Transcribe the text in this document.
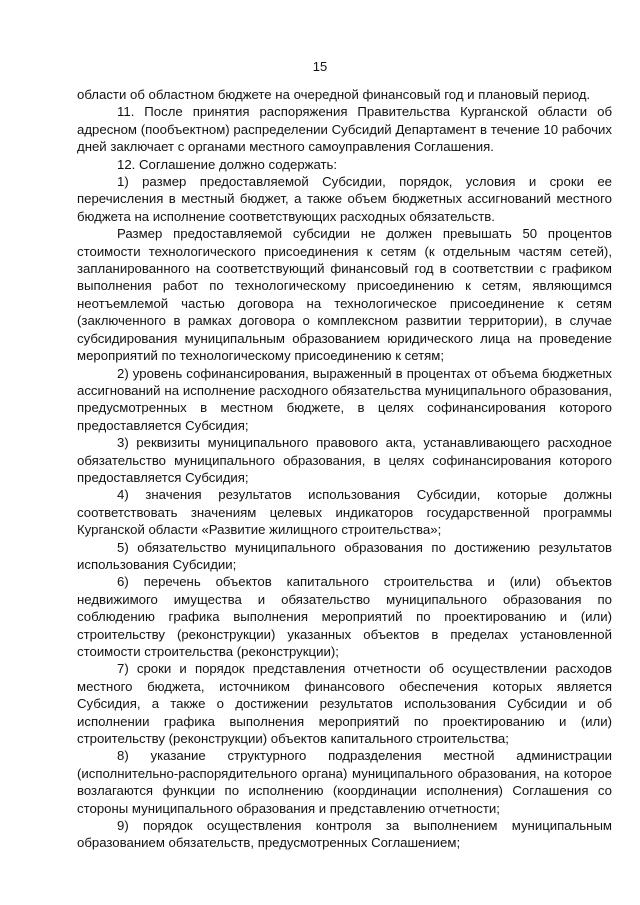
15

области об областном бюджете на очередной финансовый год и плановый период.

11. После принятия распоряжения Правительства Курганской области об адресном (пообъектном) распределении Субсидий Департамент в течение 10 рабочих дней заключает с органами местного самоуправления Соглашения.

12. Соглашение должно содержать:

1) размер предоставляемой Субсидии, порядок, условия и сроки ее перечисления в местный бюджет, а также объем бюджетных ассигнований местного бюджета на исполнение соответствующих расходных обязательств.

Размер предоставляемой субсидии не должен превышать 50 процентов стоимости технологического присоединения к сетям (к отдельным частям сетей), запланированного на соответствующий финансовый год в соответствии с графиком выполнения работ по технологическому присоединению к сетям, являющимся неотъемлемой частью договора на технологическое присоединение к сетям (заключенного в рамках договора о комплексном развитии территории), в случае субсидирования муниципальным образованием юридического лица на проведение мероприятий по технологическому присоединению к сетям;

2) уровень софинансирования, выраженный в процентах от объема бюджетных ассигнований на исполнение расходного обязательства муниципального образования, предусмотренных в местном бюджете, в целях софинансирования которого предоставляется Субсидия;

3) реквизиты муниципального правового акта, устанавливающего расходное обязательство муниципального образования, в целях софинансирования которого предоставляется Субсидия;

4) значения результатов использования Субсидии, которые должны соответствовать значениям целевых индикаторов государственной программы Курганской области «Развитие жилищного строительства»;

5) обязательство муниципального образования по достижению результатов использования Субсидии;

6) перечень объектов капитального строительства и (или) объектов недвижимого имущества и обязательство муниципального образования по соблюдению графика выполнения мероприятий по проектированию и (или) строительству (реконструкции) указанных объектов в пределах установленной стоимости строительства (реконструкции);

7) сроки и порядок представления отчетности об осуществлении расходов местного бюджета, источником финансового обеспечения которых является Субсидия, а также о достижении результатов использования Субсидии и об исполнении графика выполнения мероприятий по проектированию и (или) строительству (реконструкции) объектов капитального строительства;

8) указание структурного подразделения местной администрации (исполнительно-распорядительного органа) муниципального образования, на которое возлагаются функции по исполнению (координации исполнения) Соглашения со стороны муниципального образования и представлению отчетности;

9) порядок осуществления контроля за выполнением муниципальным образованием обязательств, предусмотренных Соглашением;
